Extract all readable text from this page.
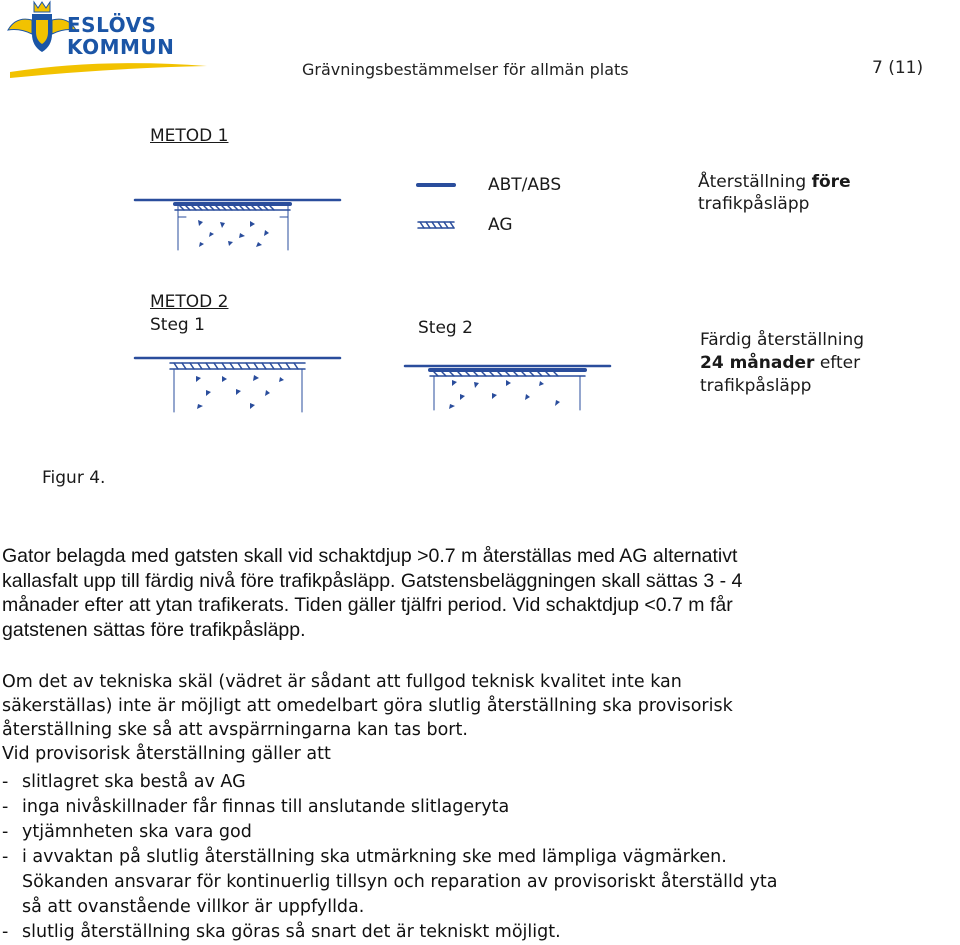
ESLÖVS
KOMMUN
Grävningsbestämmelser för allmän plats	7 (11)
METOD 1
ABT/ABS
AG
Återställning före
trafikpåsläpp
METOD 2
Steg 1	Steg 2
Färdig återställning
24 månader efter
trafikpåsläpp
Figur 4.
Gator belagda med gatsten skall vid schaktdjup >0.7 m återställas med AG alternativt
kallasfalt upp till färdig nivå före trafikpåsläpp. Gatstensbeläggningen skall sättas 3 - 4
månader efter att ytan trafikerats. Tiden gäller tjälfri period. Vid schaktdjup <0.7 m får
gatstenen sättas före trafikpåsläpp.
Om det av tekniska skäl (vädret är sådant att fullgod teknisk kvalitet inte kan
säkerställas) inte är möjligt att omedelbart göra slutlig återställning ska provisorisk
återställning ske så att avspärrningarna kan tas bort.
Vid provisorisk återställning gäller att
- slitlagret ska bestå av AG
- inga nivåskillnader får finnas till anslutande slitlageryta
- ytjämnheten ska vara god
- i avvaktan på slutlig återställning ska utmärkning ske med lämpliga vägmärken.
Sökanden ansvarar för kontinuerlig tillsyn och reparation av provisoriskt återställd yta
så att ovanstående villkor är uppfyllda.
- slutlig återställning ska göras så snart det är tekniskt möjligt.
